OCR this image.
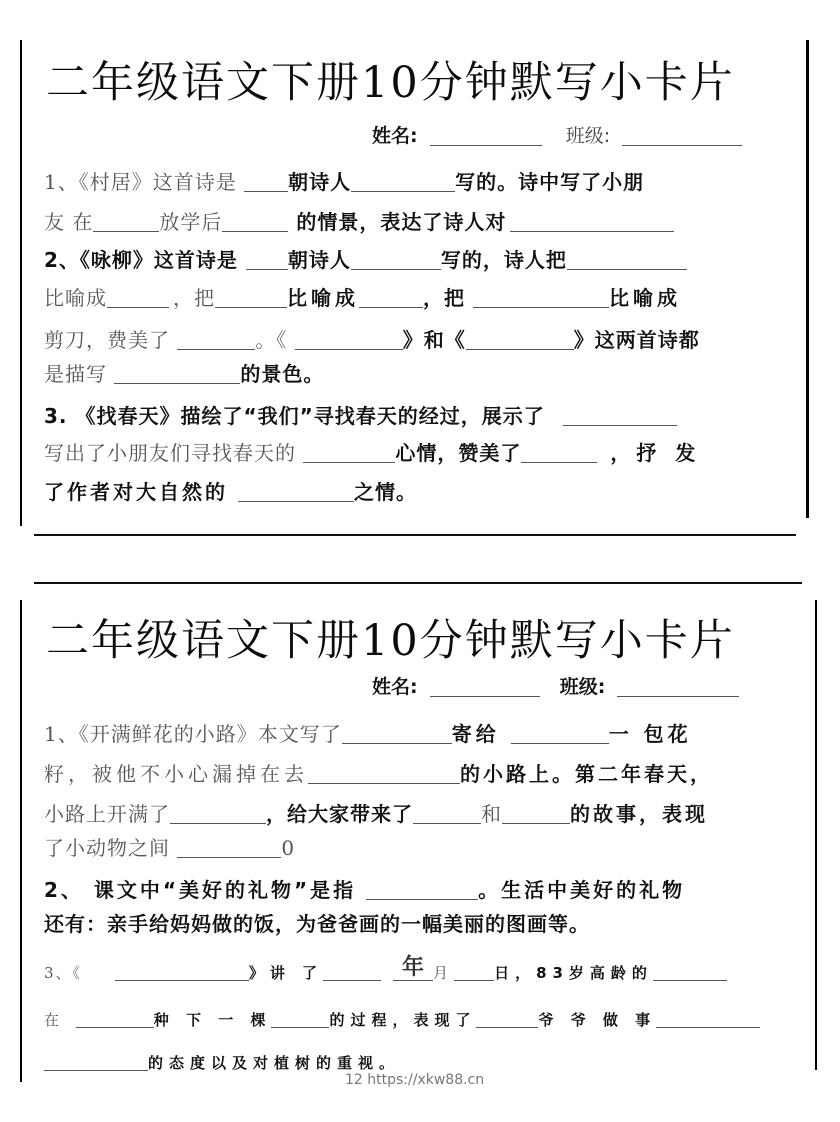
二年级语文下册10分钟默写小卡片
姓名:	班级:
1、《村居》这首诗是 朝诗人	写的。诗中写了小朋
友 在	放学后	的情景，表达了诗人对
2、《咏柳》这首诗是 朝诗人	写的，诗人把
比喻成	，把	比喻成	，把	比喻成
剪刀，费美了	。《	》和《	》这两首诗都
是描写	的景色。
3. 《找春天》描绘了“我们”寻找春天的经过，展示了
写出了小朋友们寻找春天的	心情，赞美了	，抒 发
了作者对大自然的	之情。
二年级语文下册10分钟默写小卡片
姓名:	班级:
1、《开满鲜花的小路》本文写了	寄给	一 包花
籽，被他不小心漏掉在去	的小路上。第二年春天，
小路上开满了	，给大家带来了	和	的故事，表现
了小动物之间	0
2、 课文中“美好的礼物”是指	。生活中美好的礼物
还有：亲手给妈妈做的饭，为爸爸画的一幅美丽的图画等。
年
3、《	》讲 了	月	日，83岁高龄的
在	种 下 一 棵	的过程，表现了	爷 爷 做 事
的态度以及对植树的重视。
12 https://xkw88.cn
